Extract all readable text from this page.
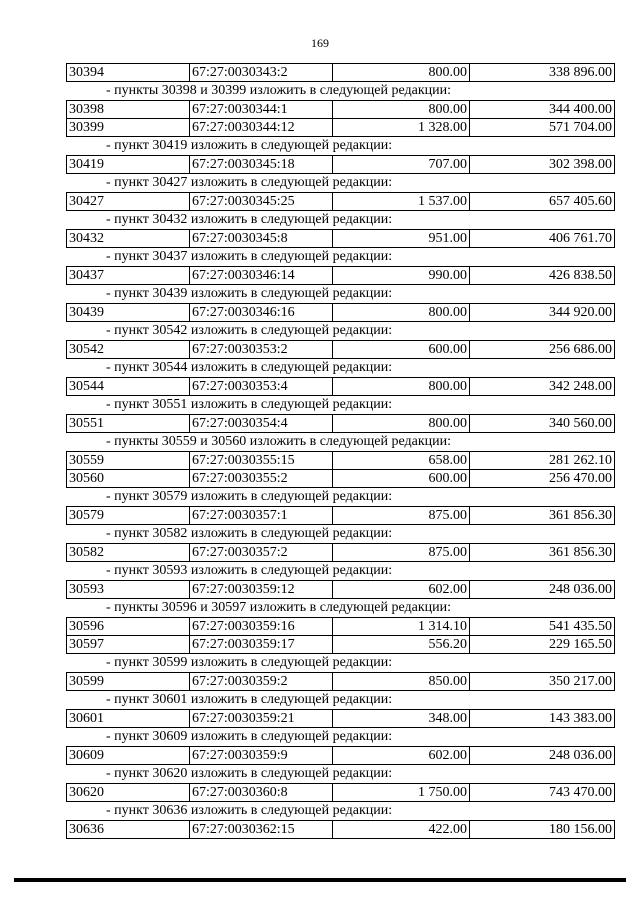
169
30394	67:27:0030343:2	800.00	338 896.00
- пункты 30398 и 30399 изложить в следующей редакции:
30398	67:27:0030344:1	800.00	344 400.00
30399	67:27:0030344:12	1 328.00	571 704.00
- пункт 30419 изложить в следующей редакции:
30419	67:27:0030345:18	707.00	302 398.00
- пункт 30427 изложить в следующей редакции:
30427	67:27:0030345:25	1 537.00	657 405.60
- пункт 30432 изложить в следующей редакции:
30432	67:27:0030345:8	951.00	406 761.70
- пункт 30437 изложить в следующей редакции:
30437	67:27:0030346:14	990.00	426 838.50
- пункт 30439 изложить в следующей редакции:
30439	67:27:0030346:16	800.00	344 920.00
- пункт 30542 изложить в следующей редакции:
30542	67:27:0030353:2	600.00	256 686.00
- пункт 30544 изложить в следующей редакции:
30544	67:27:0030353:4	800.00	342 248.00
- пункт 30551 изложить в следующей редакции:
30551	67:27:0030354:4	800.00	340 560.00
- пункты 30559 и 30560 изложить в следующей редакции:
30559	67:27:0030355:15	658.00	281 262.10
30560	67:27:0030355:2	600.00	256 470.00
- пункт 30579 изложить в следующей редакции:
30579	67:27:0030357:1	875.00	361 856.30
- пункт 30582 изложить в следующей редакции:
30582	67:27:0030357:2	875.00	361 856.30
- пункт 30593 изложить в следующей редакции:
30593	67:27:0030359:12	602.00	248 036.00
- пункты 30596 и 30597 изложить в следующей редакции:
30596	67:27:0030359:16	1 314.10	541 435.50
30597	67:27:0030359:17	556.20	229 165.50
- пункт 30599 изложить в следующей редакции:
30599	67:27:0030359:2	850.00	350 217.00
- пункт 30601 изложить в следующей редакции:
30601	67:27:0030359:21	348.00	143 383.00
- пункт 30609 изложить в следующей редакции:
30609	67:27:0030359:9	602.00	248 036.00
- пункт 30620 изложить в следующей редакции:
30620	67:27:0030360:8	1 750.00	743 470.00
- пункт 30636 изложить в следующей редакции:
30636	67:27:0030362:15	422.00	180 156.00
